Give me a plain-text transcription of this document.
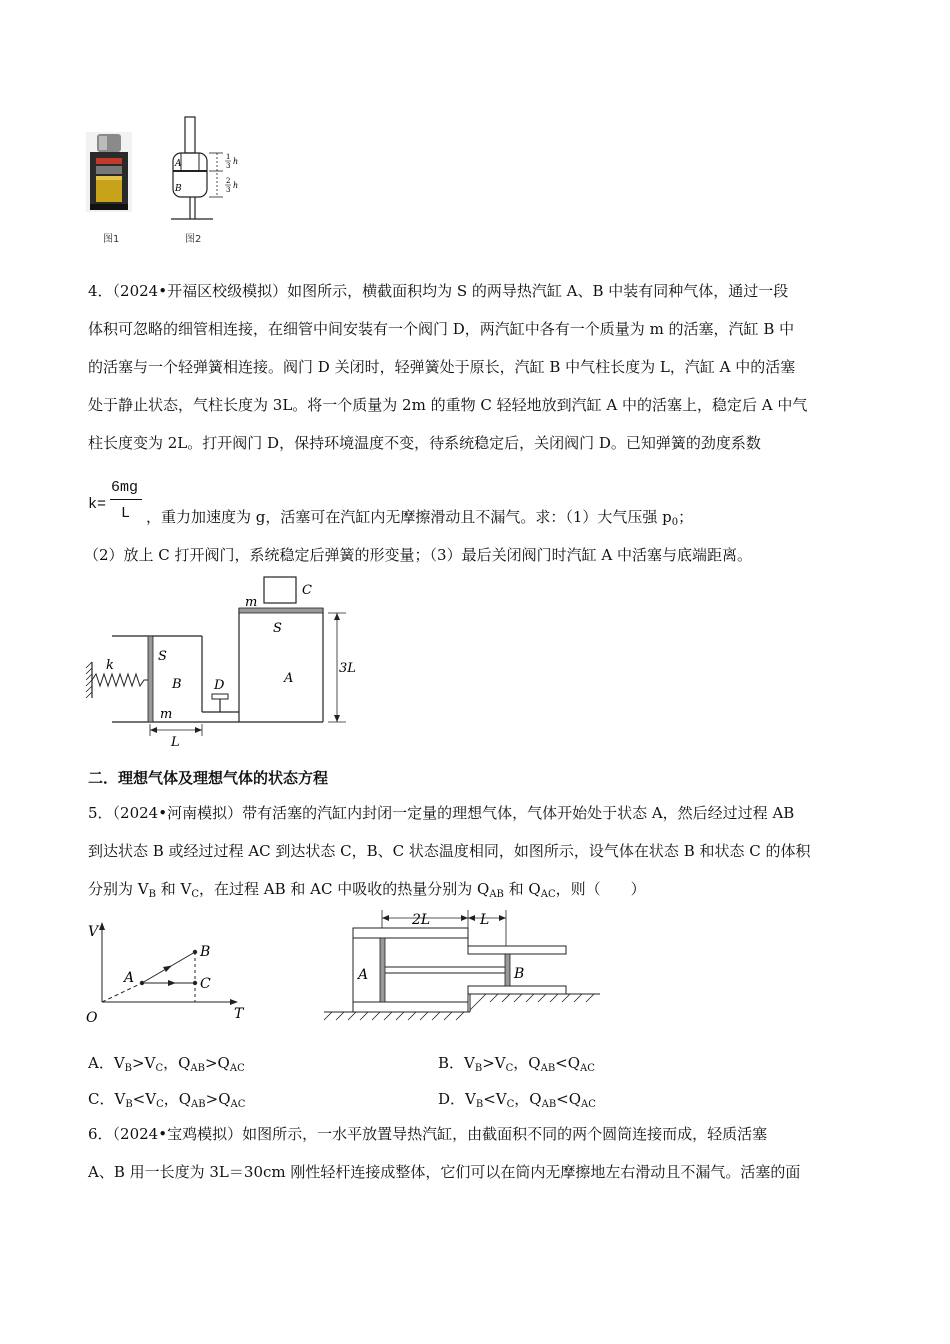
图1
A
B
1
3 h
2
3 h
图2
4．（2024•开福区校级模拟）如图所示，横截面积均为 S 的两导热汽缸 A、B 中装有同种气体，通过一段
体积可忽略的细管相连接，在细管中间安装有一个阀门 D，两汽缸中各有一个质量为 m 的活塞，汽缸 B 中
的活塞与一个轻弹簧相连接。阀门 D 关闭时，轻弹簧处于原长，汽缸 B 中气柱长度为 L，汽缸 A 中的活塞
处于静止状态，气柱长度为 3L。将一个质量为 2m 的重物 C 轻轻地放到汽缸 A 中的活塞上，稳定后 A 中气
柱长度变为 2L。打开阀门 D，保持环境温度不变，待系统稳定后，关闭阀门 D。已知弹簧的劲度系数
k=
6mg
L ，重力加速度为 g，活塞可在汽缸内无摩擦滑动且不漏气。求：（1）大气压强 $p_0$；
（2）放上 C 打开阀门，系统稳定后弹簧的形变量；（3）最后关闭阀门时汽缸 A 中活塞与底端距离。
k
S
B
m
D
C
m
S
A
3L
L
二．理想气体及理想气体的状态方程
5．（2024•河南模拟）带有活塞的汽缸内封闭一定量的理想气体，气体开始处于状态 A，然后经过过程 AB
到达状态 B 或经过过程 AC 到达状态 C，B、C 状态温度相同，如图所示，设气体在状态 B 和状态 C 的体积
分别为 $V_B$ 和 $V_C$，在过程 AB 和 AC 中吸收的热量分别为 $Q_{AB}$ 和 $Q_{AC}$，则（　　）
V
T
O
A
B
C
2L	L
A	B
A．$V_B>V_C$，$Q_{AB}>Q_{AC}$	B．$V_B>V_C$，$Q_{AB}<Q_{AC}$
C．$V_B<V_C$，$Q_{AB}>Q_{AC}$	D．$V_B<V_C$，$Q_{AB}<Q_{AC}$
6．（2024•宝鸡模拟）如图所示，一水平放置导热汽缸，由截面积不同的两个圆筒连接而成，轻质活塞
A、B 用一长度为 3L＝30cm 刚性轻杆连接成整体，它们可以在筒内无摩擦地左右滑动且不漏气。活塞的面
